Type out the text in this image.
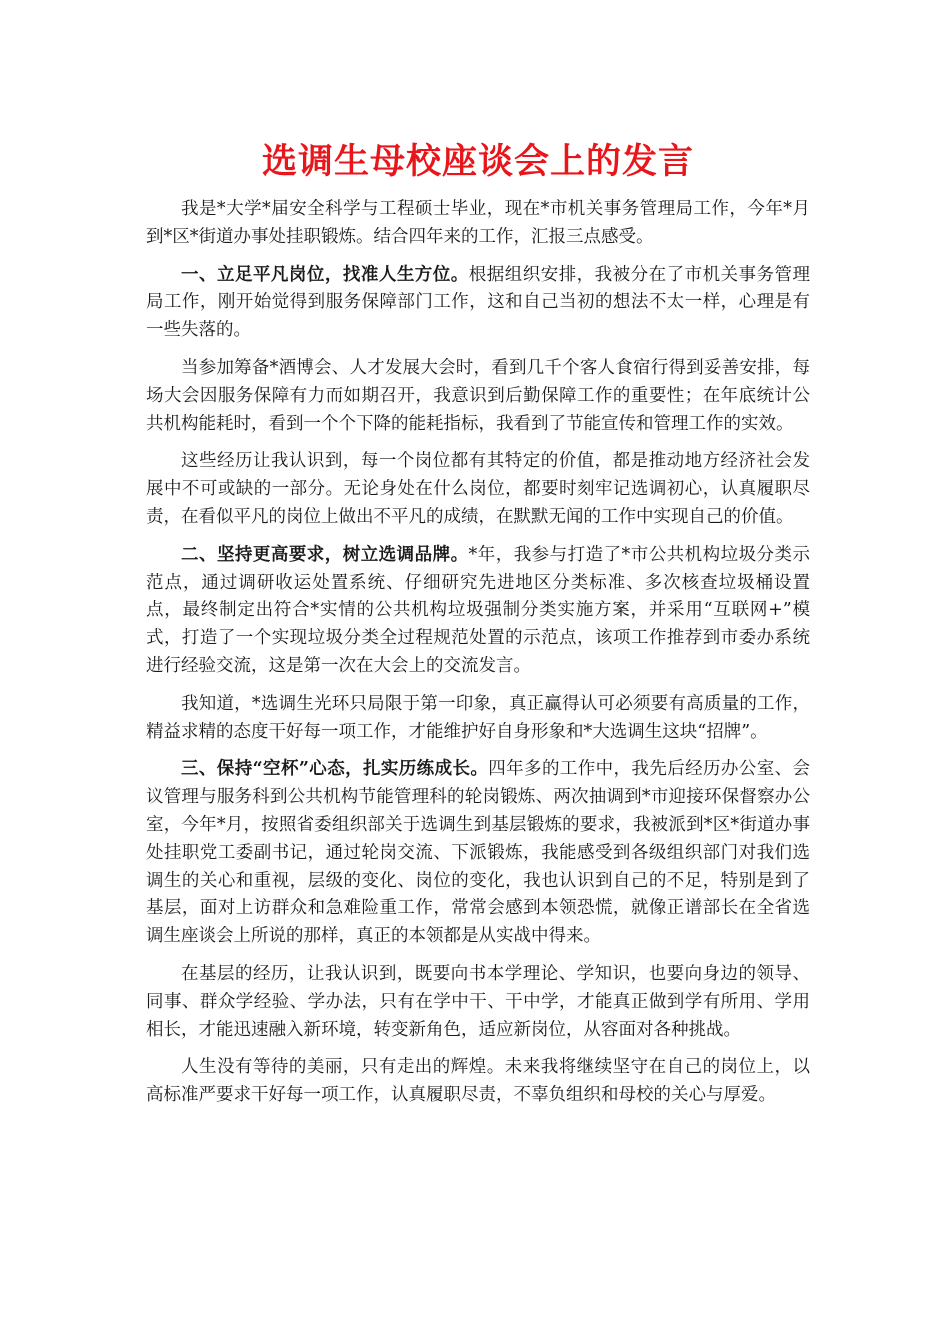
选调生母校座谈会上的发言

我是*大学*届安全科学与工程硕士毕业，现在*市机关事务管理局工作，今年*月到*区*街道办事处挂职锻炼。结合四年来的工作，汇报三点感受。

一、立足平凡岗位，找准人生方位。根据组织安排，我被分在了市机关事务管理局工作，刚开始觉得到服务保障部门工作，这和自己当初的想法不太一样，心理是有一些失落的。

当参加筹备*酒博会、人才发展大会时，看到几千个客人食宿行得到妥善安排，每场大会因服务保障有力而如期召开，我意识到后勤保障工作的重要性；在年底统计公共机构能耗时，看到一个个下降的能耗指标，我看到了节能宣传和管理工作的实效。

这些经历让我认识到，每一个岗位都有其特定的价值，都是推动地方经济社会发展中不可或缺的一部分。无论身处在什么岗位，都要时刻牢记选调初心，认真履职尽责，在看似平凡的岗位上做出不平凡的成绩，在默默无闻的工作中实现自己的价值。

二、坚持更高要求，树立选调品牌。*年，我参与打造了*市公共机构垃圾分类示范点，通过调研收运处置系统、仔细研究先进地区分类标准、多次核查垃圾桶设置点，最终制定出符合*实情的公共机构垃圾强制分类实施方案，并采用“互联网+”模式，打造了一个实现垃圾分类全过程规范处置的示范点，该项工作推荐到市委办系统进行经验交流，这是第一次在大会上的交流发言。

我知道，*选调生光环只局限于第一印象，真正赢得认可必须要有高质量的工作，精益求精的态度干好每一项工作，才能维护好自身形象和*大选调生这块“招牌”。

三、保持“空杯”心态，扎实历练成长。四年多的工作中，我先后经历办公室、会议管理与服务科到公共机构节能管理科的轮岗锻炼、两次抽调到*市迎接环保督察办公室，今年*月，按照省委组织部关于选调生到基层锻炼的要求，我被派到*区*街道办事处挂职党工委副书记，通过轮岗交流、下派锻炼，我能感受到各级组织部门对我们选调生的关心和重视，层级的变化、岗位的变化，我也认识到自己的不足，特别是到了基层，面对上访群众和急难险重工作，常常会感到本领恐慌，就像正谱部长在全省选调生座谈会上所说的那样，真正的本领都是从实战中得来。

在基层的经历，让我认识到，既要向书本学理论、学知识，也要向身边的领导、同事、群众学经验、学办法，只有在学中干、干中学，才能真正做到学有所用、学用相长，才能迅速融入新环境，转变新角色，适应新岗位，从容面对各种挑战。

人生没有等待的美丽，只有走出的辉煌。未来我将继续坚守在自己的岗位上，以高标准严要求干好每一项工作，认真履职尽责，不辜负组织和母校的关心与厚爱。
